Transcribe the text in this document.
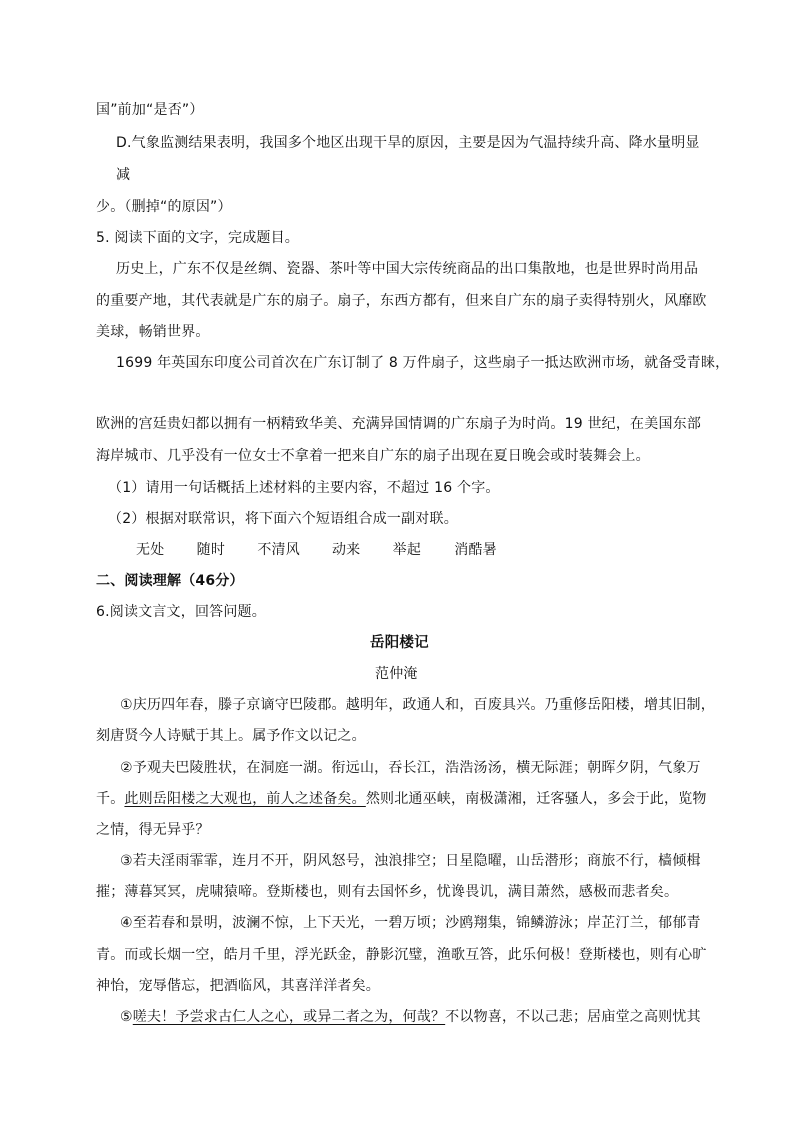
国”前加“是否”）
D.气象监测结果表明，我国多个地区出现干旱的原因，主要是因为气温持续升高、降水量明显
减
少。（删掉“的原因”）
5. 阅读下面的文字，完成题目。
历史上，广东不仅是丝绸、瓷器、茶叶等中国大宗传统商品的出口集散地，也是世界时尚用品
的重要产地，其代表就是广东的扇子。扇子，东西方都有，但来自广东的扇子卖得特别火，风靡欧
美球，畅销世界。
1699 年英国东印度公司首次在广东订制了 8 万件扇子，这些扇子一抵达欧洲市场，就备受青睐，
欧洲的宫廷贵妇都以拥有一柄精致华美、充满异国情调的广东扇子为时尚。19 世纪，在美国东部
海岸城市、几乎没有一位女士不拿着一把来自广东的扇子出现在夏日晚会或时装舞会上。
（1）请用一句话概括上述材料的主要内容，不超过 16 个字。
（2）根据对联常识，将下面六个短语组合成一副对联。
无处 随时 不清风 动来 举起 消酷暑
二、阅读理解（46分）
6.阅读文言文，回答问题。
岳阳楼记
范仲淹
①庆历四年春，滕子京谪守巴陵郡。越明年，政通人和，百废具兴。乃重修岳阳楼，增其旧制，
刻唐贤今人诗赋于其上。属予作文以记之。
②予观夫巴陵胜状，在洞庭一湖。衔远山，吞长江，浩浩汤汤，横无际涯；朝晖夕阴，气象万
千。此则岳阳楼之大观也，前人之述备矣。然则北通巫峡，南极潇湘，迁客骚人，多会于此，览物
之情，得无异乎？
③若夫淫雨霏霏，连月不开，阴风怒号，浊浪排空；日星隐曜，山岳潜形；商旅不行，樯倾楫
摧；薄暮冥冥，虎啸猿啼。登斯楼也，则有去国怀乡，忧谗畏讥，满目萧然，感极而悲者矣。
④至若春和景明，波澜不惊，上下天光，一碧万顷；沙鸥翔集，锦鳞游泳；岸芷汀兰，郁郁青
青。而或长烟一空，皓月千里，浮光跃金，静影沉璧，渔歌互答，此乐何极！登斯楼也，则有心旷
神怡，宠辱偕忘，把酒临风，其喜洋洋者矣。
⑤嗟夫！予尝求古仁人之心，或异二者之为，何哉？不以物喜，不以己悲；居庙堂之高则忧其
